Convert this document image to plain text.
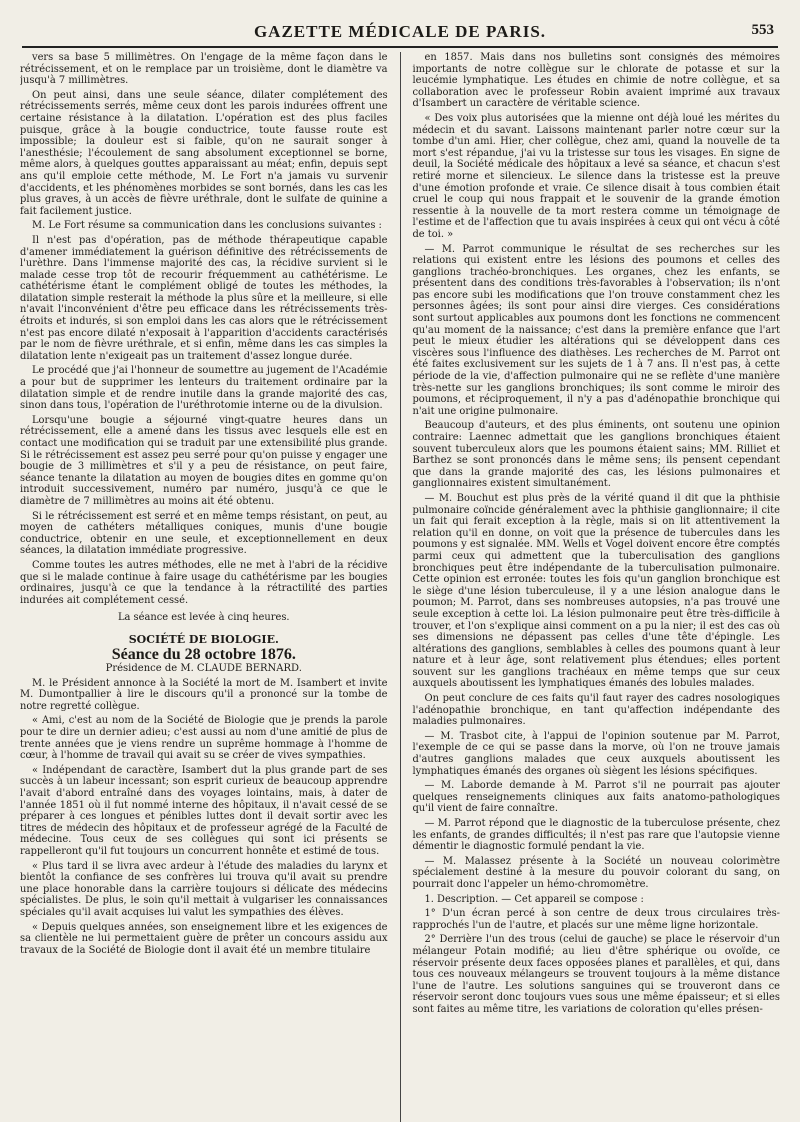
GAZETTE MÉDICALE DE PARIS.	553

vers sa base 5 millimètres. On l'engage de la même façon dans le rétrécissement, et on le remplace par un troisième, dont le diamètre va jusqu'à 7 millimètres.

On peut ainsi, dans une seule séance, dilater complétement des rétrécissements serrés, même ceux dont les parois indurées offrent une certaine résistance à la dilatation. L'opération est des plus faciles puisque, grâce à la bougie conductrice, toute fausse route est impossible; la douleur est si faible, qu'on ne saurait songer à l'anesthésie; l'écoulement de sang absolument exceptionnel se borne, même alors, à quelques gouttes apparaissant au méat; enfin, depuis sept ans qu'il emploie cette méthode, M. Le Fort n'a jamais vu survenir d'accidents, et les phénomènes morbides se sont bornés, dans les cas les plus graves, à un accès de fièvre uréthrale, dont le sulfate de quinine a fait facilement justice.

M. Le Fort résume sa communication dans les conclusions suivantes :

Il n'est pas d'opération, pas de méthode thérapeutique capable d'amener immédiatement la guérison définitive des rétrécissements de l'urèthre. Dans l'immense majorité des cas, la récidive survient si le malade cesse trop tôt de recourir fréquemment au cathétérisme. Le cathétérisme étant le complément obligé de toutes les méthodes, la dilatation simple resterait la méthode la plus sûre et la meilleure, si elle n'avait l'inconvénient d'être peu efficace dans les rétrécissements très-étroits et indurés, si son emploi dans les cas alors que le rétrécissement n'est pas encore dilaté n'exposait à l'apparition d'accidents caractérisés par le nom de fièvre uréthrale, et si enfin, même dans les cas simples la dilatation lente n'exigeait pas un traitement d'assez longue durée.

Le procédé que j'ai l'honneur de soumettre au jugement de l'Académie a pour but de supprimer les lenteurs du traitement ordinaire par la dilatation simple et de rendre inutile dans la grande majorité des cas, sinon dans tous, l'opération de l'uréthrotomie interne ou de la divulsion.

Lorsqu'une bougie a séjourné vingt-quatre heures dans un rétrécissement, elle a amené dans les tissus avec lesquels elle est en contact une modification qui se traduit par une extensibilité plus grande. Si le rétrécissement est assez peu serré pour qu'on puisse y engager une bougie de 3 millimètres et s'il y a peu de résistance, on peut faire, séance tenante la dilatation au moyen de bougies dites en gomme qu'on introduit successivement, numéro par numéro, jusqu'à ce que le diamètre de 7 millimètres au moins ait été obtenu.

Si le rétrécissement est serré et en même temps résistant, on peut, au moyen de cathéters métalliques coniques, munis d'une bougie conductrice, obtenir en une seule, et exceptionnellement en deux séances, la dilatation immédiate progressive.

Comme toutes les autres méthodes, elle ne met à l'abri de la récidive que si le malade continue à faire usage du cathétérisme par les bougies ordinaires, jusqu'à ce que la tendance à la rétractilité des parties indurées ait complétement cessé.

La séance est levée à cinq heures.

SOCIÉTÉ DE BIOLOGIE.

Séance du 28 octobre 1876.

Présidence de M. CLAUDE BERNARD.

M. le Président annonce à la Société la mort de M. Isambert et invite M. Dumontpallier à lire le discours qu'il a prononcé sur la tombe de notre regretté collègue.

« Ami, c'est au nom de la Société de Biologie que je prends la parole pour te dire un dernier adieu; c'est aussi au nom d'une amitié de plus de trente années que je viens rendre un suprême hommage à l'homme de cœur, à l'homme de travail qui avait su se créer de vives sympathies.

« Indépendant de caractère, Isambert dut la plus grande part de ses succès à un labeur incessant; son esprit curieux de beaucoup apprendre l'avait d'abord entraîné dans des voyages lointains, mais, à dater de l'année 1851 où il fut nommé interne des hôpitaux, il n'avait cessé de se préparer à ces longues et pénibles luttes dont il devait sortir avec les titres de médecin des hôpitaux et de professeur agrégé de la Faculté de médecine. Tous ceux de ses collègues qui sont ici présents se rappelleront qu'il fut toujours un concurrent honnête et estimé de tous.

« Plus tard il se livra avec ardeur à l'étude des maladies du larynx et bientôt la confiance de ses confrères lui trouva qu'il avait su prendre une place honorable dans la carrière toujours si délicate des médecins spécialistes. De plus, le soin qu'il mettait à vulgariser les connaissances spéciales qu'il avait acquises lui valut les sympathies des élèves.

« Depuis quelques années, son enseignement libre et les exigences de sa clientèle ne lui permettaient guère de prêter un concours assidu aux travaux de la Société de Biologie dont il avait été un membre titulaire

en 1857. Mais dans nos bulletins sont consignés des mémoires importants de notre collègue sur le chlorate de potasse et sur la leucémie lymphatique. Les études en chimie de notre collègue, et sa collaboration avec le professeur Robin avaient imprimé aux travaux d'Isambert un caractère de véritable science.

« Des voix plus autorisées que la mienne ont déjà loué les mérites du médecin et du savant. Laissons maintenant parler notre cœur sur la tombe d'un ami. Hier, cher collègue, chez ami, quand la nouvelle de ta mort s'est répandue, j'ai vu la tristesse sur tous les visages. En signe de deuil, la Société médicale des hôpitaux a levé sa séance, et chacun s'est retiré morne et silencieux. Le silence dans la tristesse est la preuve d'une émotion profonde et vraie. Ce silence disait à tous combien était cruel le coup qui nous frappait et le souvenir de la grande émotion ressentie à la nouvelle de ta mort restera comme un témoignage de l'estime et de l'affection que tu avais inspirées à ceux qui ont vécu à côté de toi. »

— M. Parrot communique le résultat de ses recherches sur les relations qui existent entre les lésions des poumons et celles des ganglions trachéo-bronchiques. Les organes, chez les enfants, se présentent dans des conditions très-favorables à l'observation; ils n'ont pas encore subi les modifications que l'on trouve constamment chez les personnes âgées; ils sont pour ainsi dire vierges. Ces considérations sont surtout applicables aux poumons dont les fonctions ne commencent qu'au moment de la naissance; c'est dans la première enfance que l'art peut le mieux étudier les altérations qui se développent dans ces viscères sous l'influence des diathèses. Les recherches de M. Parrot ont été faites exclusivement sur les sujets de 1 à 7 ans. Il n'est pas, à cette période de la vie, d'affection pulmonaire qui ne se reflète d'une manière très-nette sur les ganglions bronchiques; ils sont comme le miroir des poumons, et réciproquement, il n'y a pas d'adénopathie bronchique qui n'ait une origine pulmonaire.

Beaucoup d'auteurs, et des plus éminents, ont soutenu une opinion contraire: Laennec admettait que les ganglions bronchiques étaient souvent tuberculeux alors que les poumons étaient sains; MM. Rilliet et Barthez se sont prononcés dans le même sens; ils pensent cependant que dans la grande majorité des cas, les lésions pulmonaires et ganglionnaires existent simultanément.

— M. Bouchut est plus près de la vérité quand il dit que la phthisie pulmonaire coïncide généralement avec la phthisie ganglionnaire; il cite un fait qui ferait exception à la règle, mais si on lit attentivement la relation qu'il en donne, on voit que la présence de tubercules dans les poumons y est signalée. MM. Wells et Vogel doivent encore être comptés parmi ceux qui admettent que la tuberculisation des ganglions bronchiques peut être indépendante de la tuberculisation pulmonaire. Cette opinion est erronée: toutes les fois qu'un ganglion bronchique est le siège d'une lésion tuberculeuse, il y a une lésion analogue dans le poumon; M. Parrot, dans ses nombreuses autopsies, n'a pas trouvé une seule exception à cette loi. La lésion pulmonaire peut être très-difficile à trouver, et l'on s'explique ainsi comment on a pu la nier; il est des cas où ses dimensions ne dépassent pas celles d'une tête d'épingle. Les altérations des ganglions, semblables à celles des poumons quant à leur nature et à leur âge, sont relativement plus étendues; elles portent souvent sur les ganglions trachéaux en même temps que sur ceux auxquels aboutissent les lymphatiques émanés des lobules malades.

On peut conclure de ces faits qu'il faut rayer des cadres nosologiques l'adénopathie bronchique, en tant qu'affection indépendante des maladies pulmonaires.

— M. Trasbot cite, à l'appui de l'opinion soutenue par M. Parrot, l'exemple de ce qui se passe dans la morve, où l'on ne trouve jamais d'autres ganglions malades que ceux auxquels aboutissent les lymphatiques émanés des organes où siègent les lésions spécifiques.

— M. Laborde demande à M. Parrot s'il ne pourrait pas ajouter quelques renseignements cliniques aux faits anatomo-pathologiques qu'il vient de faire connaître.

— M. Parrot répond que le diagnostic de la tuberculose présente, chez les enfants, de grandes difficultés; il n'est pas rare que l'autopsie vienne démentir le diagnostic formulé pendant la vie.

— M. Malassez présente à la Société un nouveau colorimètre spécialement destiné à la mesure du pouvoir colorant du sang, on pourrait donc l'appeler un hémo-chromomètre.

1. Description. — Cet appareil se compose :

1° D'un écran percé à son centre de deux trous circulaires très-rapprochés l'un de l'autre, et placés sur une même ligne horizontale.

2° Derrière l'un des trous (celui de gauche) se place le réservoir d'un mélangeur Potain modifié; au lieu d'être sphérique ou ovoïde, ce réservoir présente deux faces opposées planes et parallèles, et qui, dans tous ces nouveaux mélangeurs se trouvent toujours à la même distance l'une de l'autre. Les solutions sanguines qui se trouveront dans ce réservoir seront donc toujours vues sous une même épaisseur; et si elles sont faites au même titre, les variations de coloration qu'elles présen-
